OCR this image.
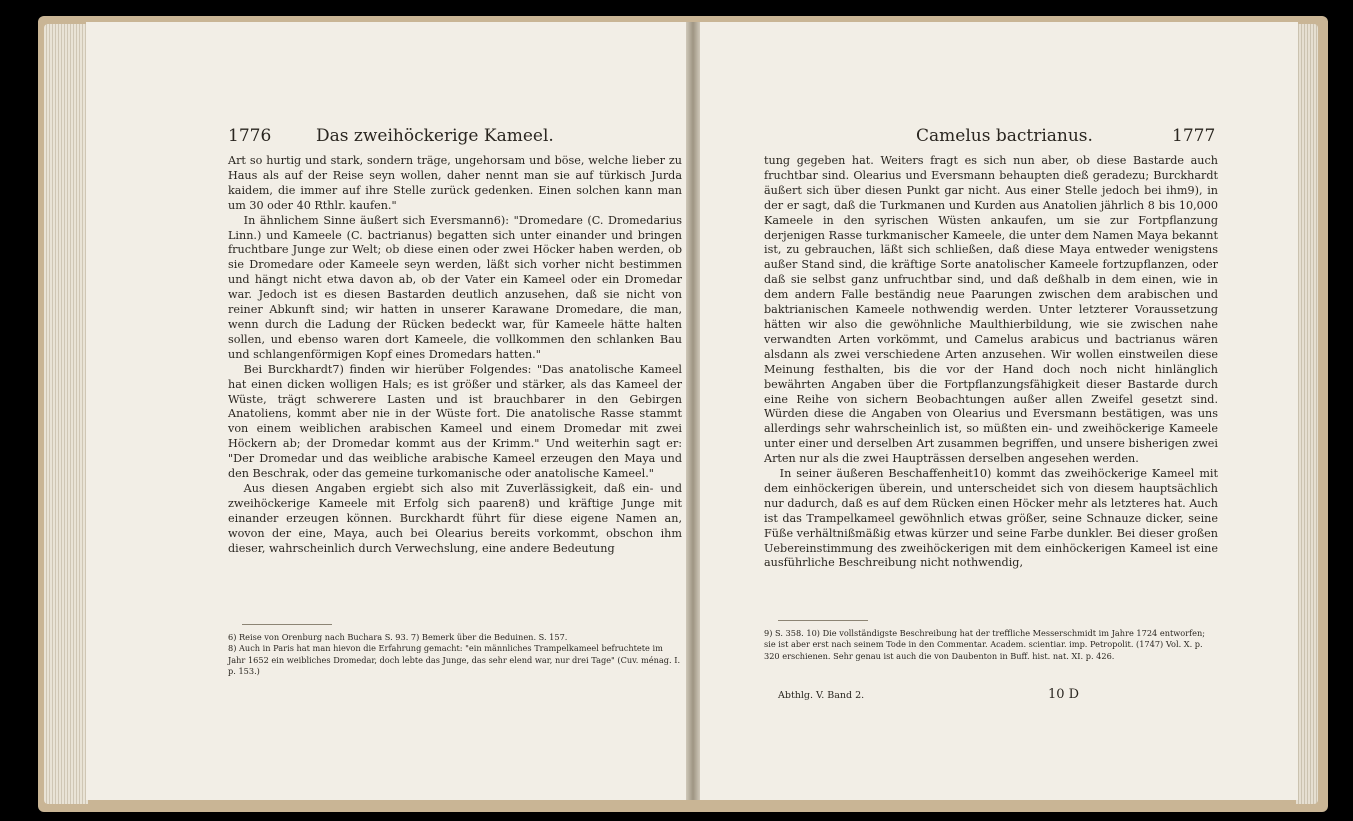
1776	Das zweihöckerige Kameel.

Art so hurtig und stark, sondern träge, ungehorsam und böse, welche lieber zu Haus als auf der Reise seyn wollen, daher nennt man sie auf türkisch Jurda kaidem, die immer auf ihre Stelle zurück gedenken. Einen solchen kann man um 30 oder 40 Rthlr. kaufen."

In ähnlichem Sinne äußert sich Eversmann6): "Dromedare (C. Dromedarius Linn.) und Kameele (C. bactrianus) begatten sich unter einander und bringen fruchtbare Junge zur Welt; ob diese einen oder zwei Höcker haben werden, ob sie Dromedare oder Kameele seyn werden, läßt sich vorher nicht bestimmen und hängt nicht etwa davon ab, ob der Vater ein Kameel oder ein Dromedar war. Jedoch ist es diesen Bastarden deutlich anzusehen, daß sie nicht von reiner Abkunft sind; wir hatten in unserer Karawane Dromedare, die man, wenn durch die Ladung der Rücken bedeckt war, für Kameele hätte halten sollen, und ebenso waren dort Kameele, die vollkommen den schlanken Bau und schlangenförmigen Kopf eines Dromedars hatten."

Bei Burckhardt7) finden wir hierüber Folgendes: "Das anatolische Kameel hat einen dicken wolligen Hals; es ist größer und stärker, als das Kameel der Wüste, trägt schwerere Lasten und ist brauchbarer in den Gebirgen Anatoliens, kommt aber nie in der Wüste fort. Die anatolische Rasse stammt von einem weiblichen arabischen Kameel und einem Dromedar mit zwei Höckern ab; der Dromedar kommt aus der Krimm." Und weiterhin sagt er: "Der Dromedar und das weibliche arabische Kameel erzeugen den Maya und den Beschrak, oder das gemeine turkomanische oder anatolische Kameel."

Aus diesen Angaben ergiebt sich also mit Zuverlässigkeit, daß ein- und zweihöckerige Kameele mit Erfolg sich paaren8) und kräftige Junge mit einander erzeugen können. Burckhardt führt für diese eigene Namen an, wovon der eine, Maya, auch bei Olearius bereits vorkommt, obschon ihm dieser, wahrscheinlich durch Verwechslung, eine andere Bedeutung

6) Reise von Orenburg nach Buchara S. 93. 7) Bemerk über die Beduinen. S. 157.

8) Auch in Paris hat man hievon die Erfahrung gemacht: "ein männliches Trampelkameel befruchtete im Jahr 1652 ein weibliches Dromedar, doch lebte das Junge, das sehr elend war, nur drei Tage" (Cuv. ménag. I. p. 153.)

Camelus bactrianus.	1777

tung gegeben hat. Weiters fragt es sich nun aber, ob diese Bastarde auch fruchtbar sind. Olearius und Eversmann behaupten dieß geradezu; Burckhardt äußert sich über diesen Punkt gar nicht. Aus einer Stelle jedoch bei ihm9), in der er sagt, daß die Turkmanen und Kurden aus Anatolien jährlich 8 bis 10,000 Kameele in den syrischen Wüsten ankaufen, um sie zur Fortpflanzung derjenigen Rasse turkmanischer Kameele, die unter dem Namen Maya bekannt ist, zu gebrauchen, läßt sich schließen, daß diese Maya entweder wenigstens außer Stand sind, die kräftige Sorte anatolischer Kameele fortzupflanzen, oder daß sie selbst ganz unfruchtbar sind, und daß deßhalb in dem einen, wie in dem andern Falle beständig neue Paarungen zwischen dem arabischen und baktrianischen Kameele nothwendig werden. Unter letzterer Voraussetzung hätten wir also die gewöhnliche Maulthierbildung, wie sie zwischen nahe verwandten Arten vorkömmt, und Camelus arabicus und bactrianus wären alsdann als zwei verschiedene Arten anzusehen. Wir wollen einstweilen diese Meinung festhalten, bis die vor der Hand doch noch nicht hinlänglich bewährten Angaben über die Fortpflanzungsfähigkeit dieser Bastarde durch eine Reihe von sichern Beobachtungen außer allen Zweifel gesetzt sind. Würden diese die Angaben von Olearius und Eversmann bestätigen, was uns allerdings sehr wahrscheinlich ist, so müßten ein- und zweihöckerige Kameele unter einer und derselben Art zusammen begriffen, und unsere bisherigen zwei Arten nur als die zwei Haupträssen derselben angesehen werden.

In seiner äußeren Beschaffenheit10) kommt das zweihöckerige Kameel mit dem einhöckerigen überein, und unterscheidet sich von diesem hauptsächlich nur dadurch, daß es auf dem Rücken einen Höcker mehr als letzteres hat. Auch ist das Trampelkameel gewöhnlich etwas größer, seine Schnauze dicker, seine Füße verhältnißmäßig etwas kürzer und seine Farbe dunkler. Bei dieser großen Uebereinstimmung des zweihöckerigen mit dem einhöckerigen Kameel ist eine ausführliche Beschreibung nicht nothwendig,

9) S. 358. 10) Die vollständigste Beschreibung hat der treffliche Messerschmidt im Jahre 1724 entworfen; sie ist aber erst nach seinem Tode in den Commentar. Academ. scientiar. imp. Petropolit. (1747) Vol. X. p. 320 erschienen. Sehr genau ist auch die von Daubenton in Buff. hist. nat. XI. p. 426.

Abthlg. V. Band 2.	10 D
